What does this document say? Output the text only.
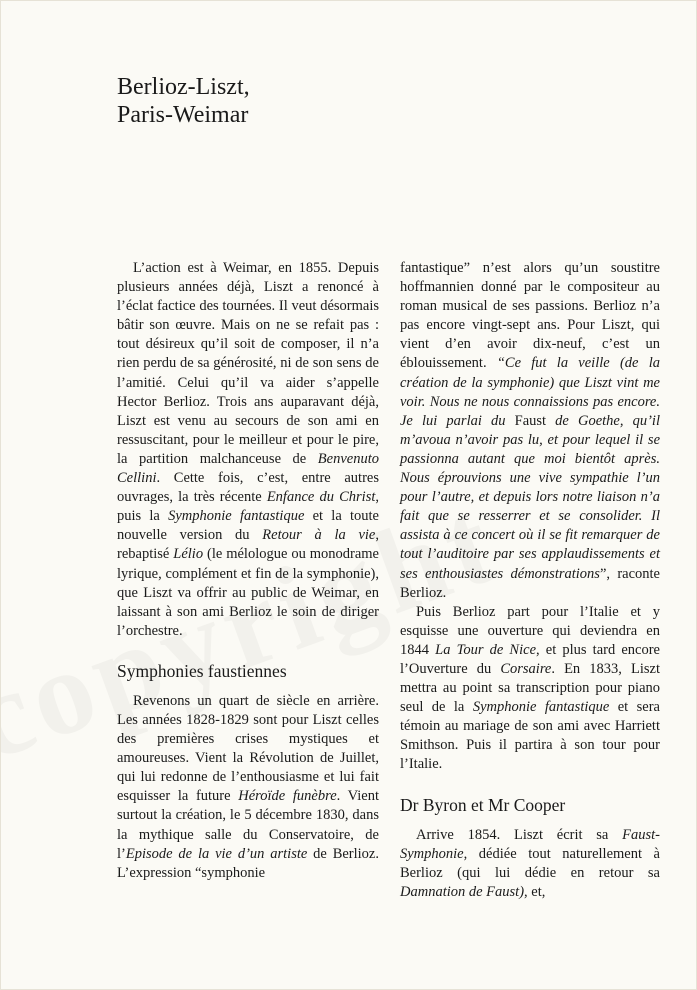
Berlioz-Liszt,
Paris-Weimar

L’action est à Weimar, en 1855. Depuis plusieurs années déjà, Liszt a renoncé à l’éclat factice des tournées. Il veut désormais bâtir son œuvre. Mais on ne se refait pas : tout désireux qu’il soit de composer, il n’a rien perdu de sa générosité, ni de son sens de l’amitié. Celui qu’il va aider s’appelle Hector Berlioz. Trois ans auparavant déjà, Liszt est venu au secours de son ami en ressuscitant, pour le meilleur et pour le pire, la partition malchanceuse de Benvenuto Cellini. Cette fois, c’est, entre autres ouvrages, la très récente Enfance du Christ, puis la Symphonie fantastique et la toute nouvelle version du Retour à la vie, rebaptisé Lélio (le mélologue ou monodrame lyrique, complément et fin de la symphonie), que Liszt va offrir au public de Weimar, en laissant à son ami Berlioz le soin de diriger l’orchestre.

Symphonies faustiennes

Revenons un quart de siècle en arrière. Les années 1828-1829 sont pour Liszt celles des premières crises mystiques et amoureuses. Vient la Révolution de Juillet, qui lui redonne de l’enthousiasme et lui fait esquisser la future Héroïde funèbre. Vient surtout la création, le 5 décembre 1830, dans la mythique salle du Conservatoire, de l’Episode de la vie d’un artiste de Berlioz. L’expression “symphonie

fantastique” n’est alors qu’un soustitre hoffmannien donné par le compositeur au roman musical de ses passions. Berlioz n’a pas encore vingt-sept ans. Pour Liszt, qui vient d’en avoir dix-neuf, c’est un éblouissement. “Ce fut la veille (de la création de la symphonie) que Liszt vint me voir. Nous ne nous connaissions pas encore. Je lui parlai du Faust de Goethe, qu’il m’avoua n’avoir pas lu, et pour lequel il se passionna autant que moi bientôt après. Nous éprouvions une vive sympathie l’un pour l’autre, et depuis lors notre liaison n’a fait que se resserrer et se consolider. Il assista à ce concert où il se fit remarquer de tout l’auditoire par ses applaudissements et ses enthousiastes démonstrations”, raconte Berlioz.

Puis Berlioz part pour l’Italie et y esquisse une ouverture qui deviendra en 1844 La Tour de Nice, et plus tard encore l’Ouverture du Corsaire. En 1833, Liszt mettra au point sa transcription pour piano seul de la Symphonie fantastique et sera témoin au mariage de son ami avec Harriett Smithson. Puis il partira à son tour pour l’Italie.

Dr Byron et Mr Cooper

Arrive 1854. Liszt écrit sa Faust-Symphonie, dédiée tout naturellement à Berlioz (qui lui dédie en retour sa Damnation de Faust), et,
